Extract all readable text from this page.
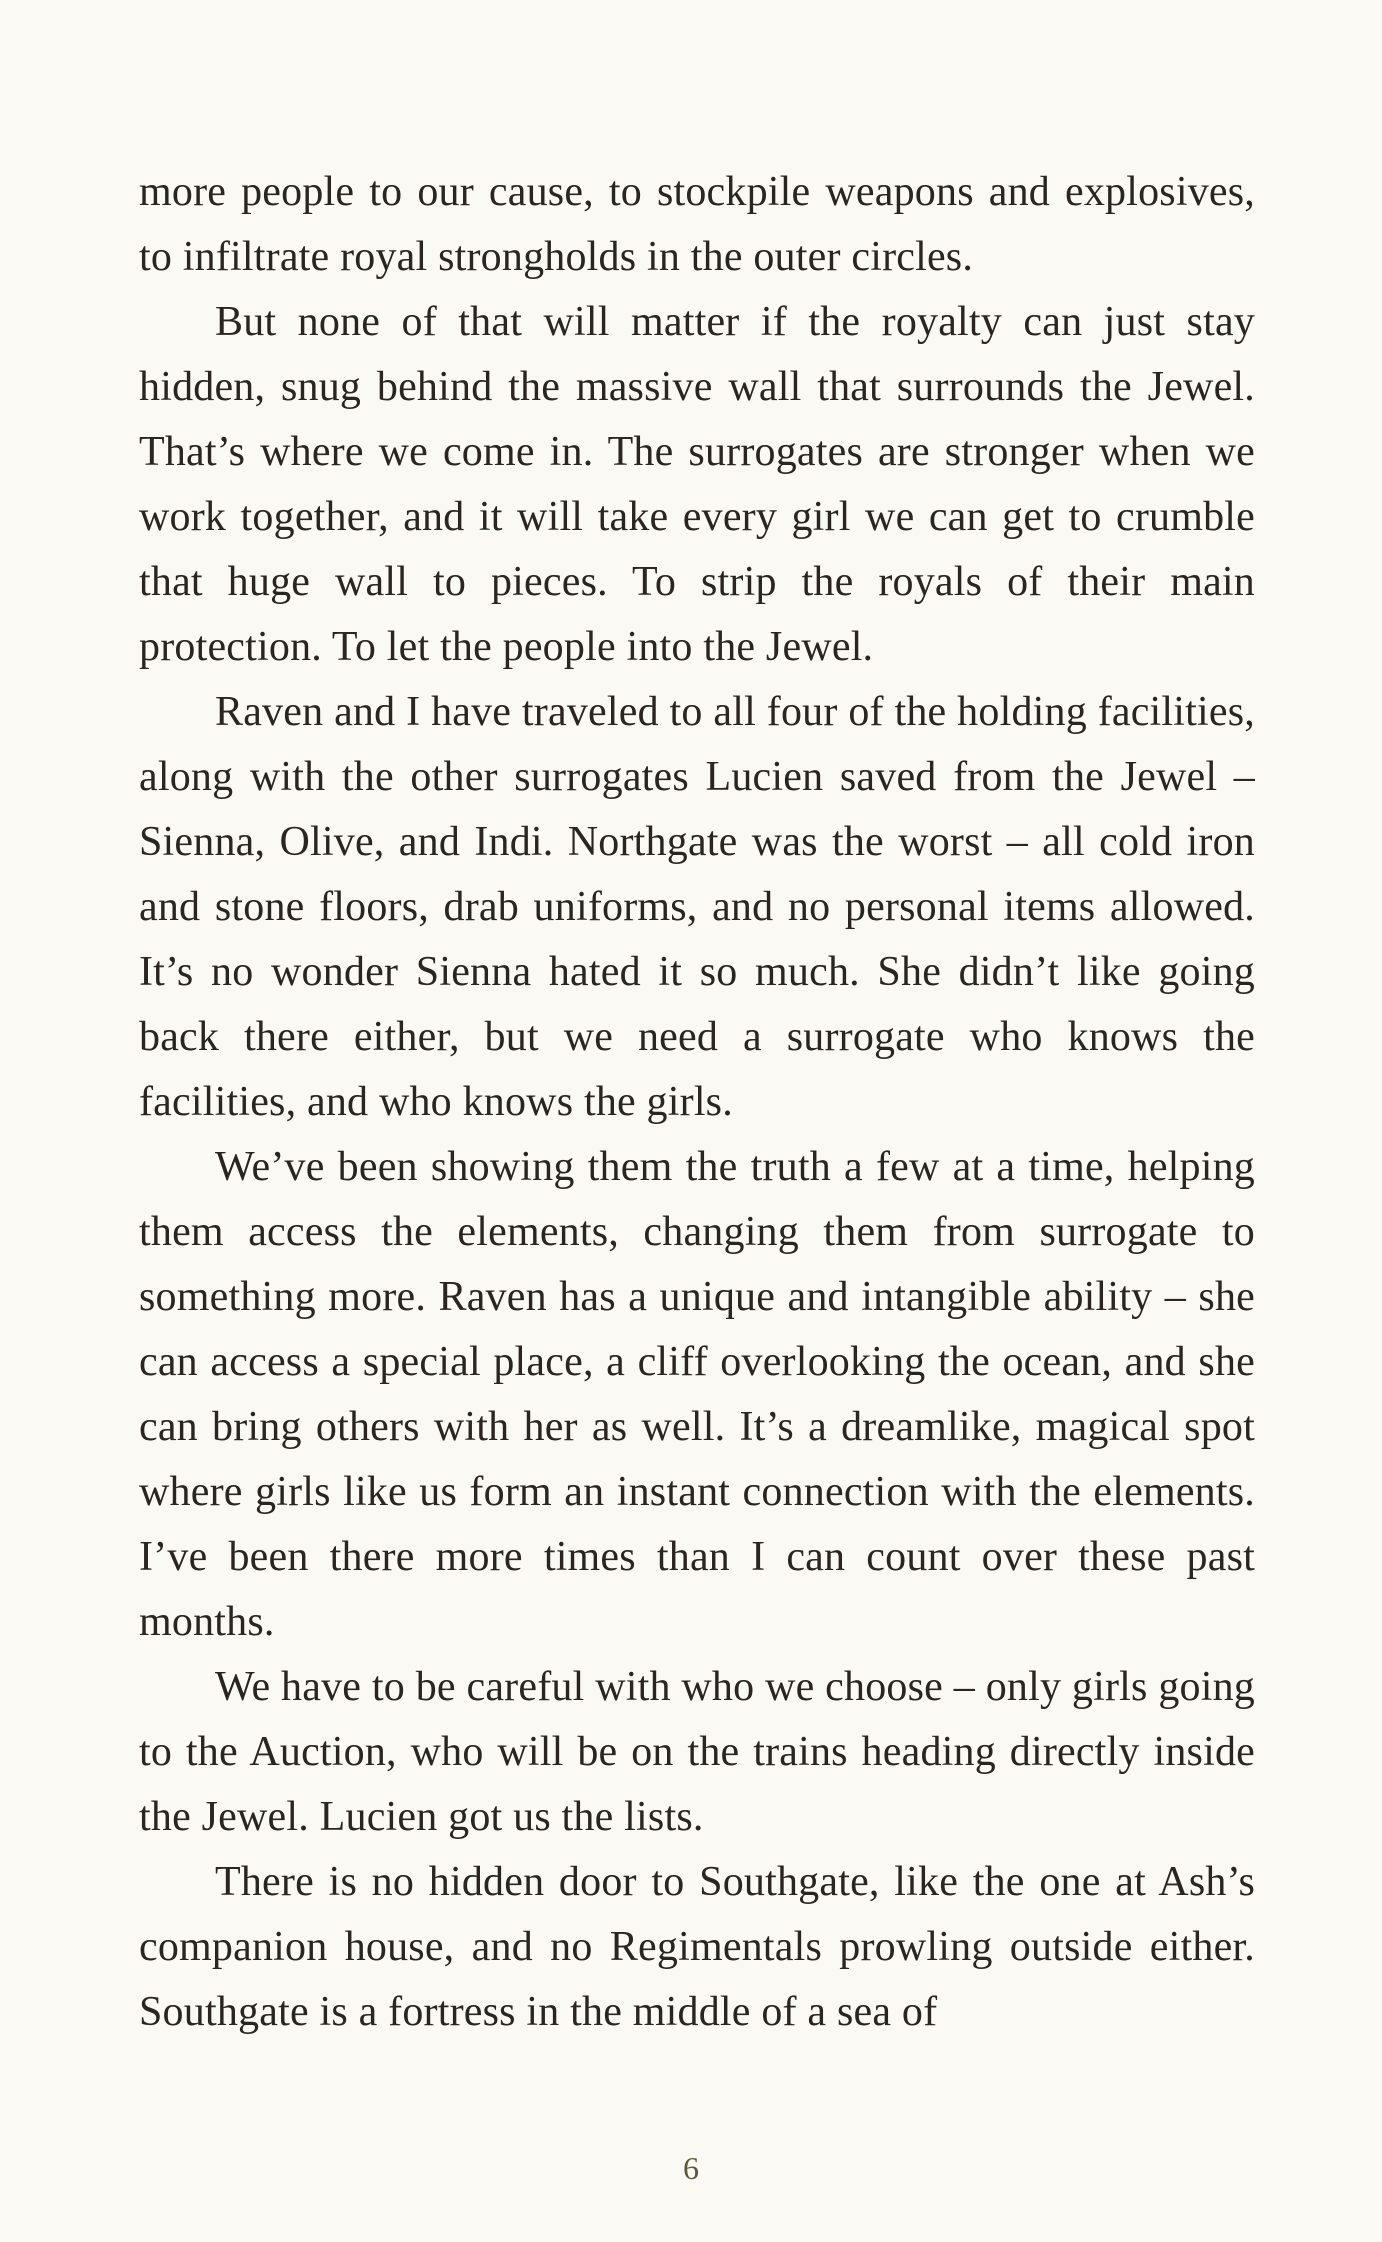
more people to our cause, to stockpile weapons and explosives, to infiltrate royal strongholds in the outer circles.

But none of that will matter if the royalty can just stay hidden, snug behind the massive wall that surrounds the Jewel. That’s where we come in. The surrogates are stronger when we work together, and it will take every girl we can get to crumble that huge wall to pieces. To strip the royals of their main protection. To let the people into the Jewel.

Raven and I have traveled to all four of the holding facilities, along with the other surrogates Lucien saved from the Jewel – Sienna, Olive, and Indi. Northgate was the worst – all cold iron and stone floors, drab uniforms, and no personal items allowed. It’s no wonder Sienna hated it so much. She didn’t like going back there either, but we need a surrogate who knows the facilities, and who knows the girls.

We’ve been showing them the truth a few at a time, helping them access the elements, changing them from surrogate to something more. Raven has a unique and intangible ability – she can access a special place, a cliff overlooking the ocean, and she can bring others with her as well. It’s a dreamlike, magical spot where girls like us form an instant connection with the elements. I’ve been there more times than I can count over these past months.

We have to be careful with who we choose – only girls going to the Auction, who will be on the trains heading directly inside the Jewel. Lucien got us the lists.

There is no hidden door to Southgate, like the one at Ash’s companion house, and no Regimentals prowling outside either. Southgate is a fortress in the middle of a sea of

6
